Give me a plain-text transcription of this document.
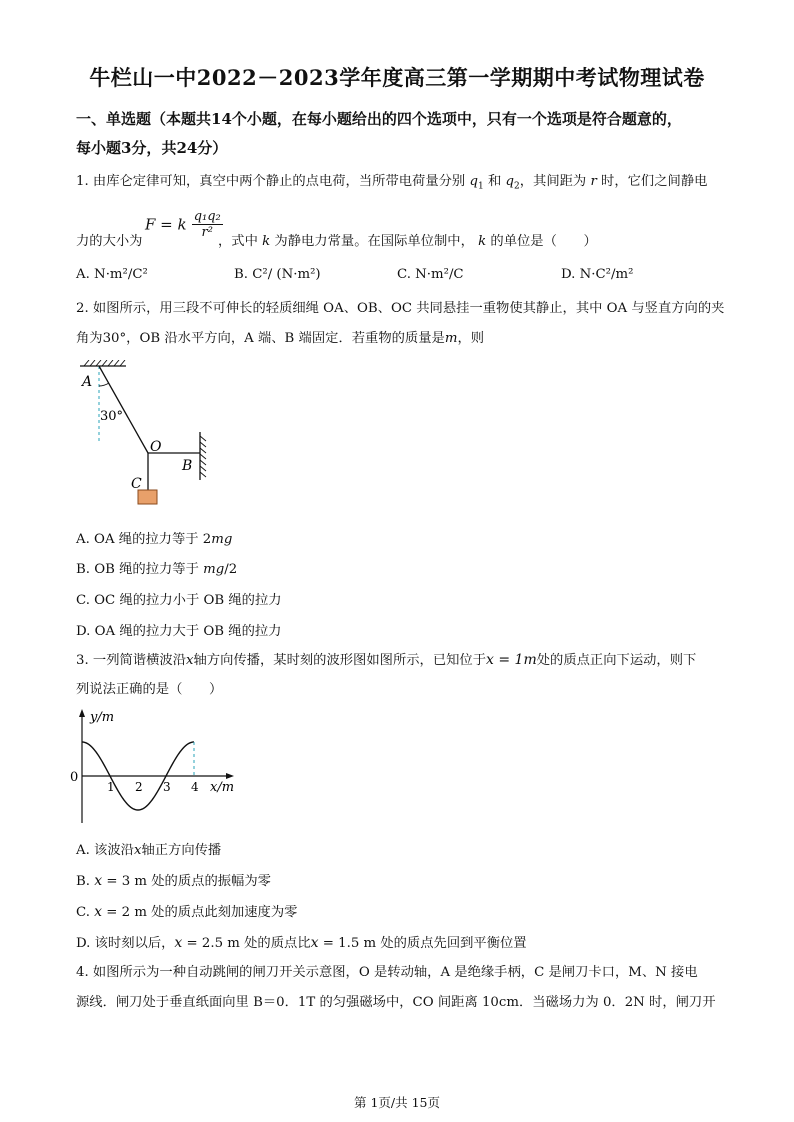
牛栏山一中2022－2023学年度高三第一学期期中考试物理试卷
一、单选题（本题共14个小题，在每小题给出的四个选项中，只有一个选项是符合题意的，
每小题3分，共24分）
1. 由库仑定律可知，真空中两个静止的点电荷，当所带电荷量分别 $q_1$ 和 $q_2$，其间距为 r 时，它们之间静电
力的大小为
F = k $\frac{\text{q₁q₂}}{\text{r²}}$
，式中 k 为静电力常量。在国际单位制中， k 的单位是（　　）
A. N·m²/C²	B. C²/ (N·m²)	C. N·m²/C	D. N·C²/m²
2. 如图所示，用三段不可伸长的轻质细绳 OA、OB、OC 共同悬挂一重物使其静止，其中 OA 与竖直方向的夹
角为30°，OB 沿水平方向，A 端、B 端固定．若重物的质量是m，则
A
30°
O
B
C
A. OA 绳的拉力等于 2mg
B. OB 绳的拉力等于 mg/2
C. OC 绳的拉力小于 OB 绳的拉力
D. OA 绳的拉力大于 OB 绳的拉力
3. 一列简谐横波沿x轴方向传播，某时刻的波形图如图所示，已知位于x = 1m处的质点正向下运动，则下
列说法正确的是（　　）
y/m
x/m
0
1 2 3 4
A. 该波沿x轴正方向传播
B. x = 3 m 处的质点的振幅为零
C. x = 2 m 处的质点此刻加速度为零
D. 该时刻以后，x = 2.5 m 处的质点比x = 1.5 m 处的质点先回到平衡位置
4. 如图所示为一种自动跳闸的闸刀开关示意图，O 是转动轴，A 是绝缘手柄，C 是闸刀卡口，M、N 接电
源线．闸刀处于垂直纸面向里 B＝0．1T 的匀强磁场中，CO 间距离 10cm．当磁场力为 0．2N 时，闸刀开
第 1页/共 15页
